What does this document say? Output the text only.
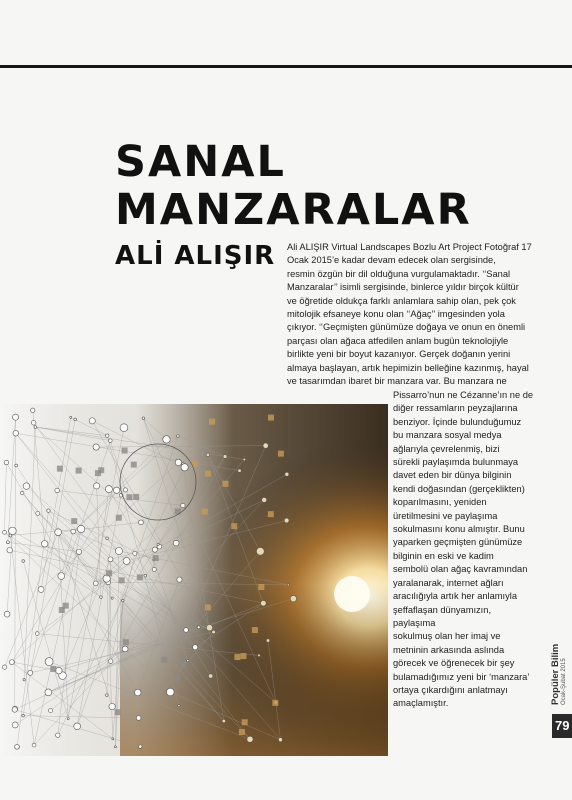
SANAL
MANZARALAR
ALİ ALIŞIR Ali ALIŞIR Virtual Landscapes Bozlu Art Project Fotoğraf 17
Ocak 2015’e kadar devam edecek olan sergisinde,
resmin özgün bir dil olduğuna vurgulamaktadır. ‘‘Sanal
Manzaralar’’ isimli sergisinde, binlerce yıldır birçok kültür
ve öğretide oldukça farklı anlamlara sahip olan, pek çok
mitolojik efsaneye konu olan ‘‘Ağaç’’ imgesinden yola
çıkıyor. ‘‘Geçmişten günümüze doğaya ve onun en önemli
parçası olan ağaca atfedilen anlam bugün teknolojiyle
birlikte yeni bir boyut kazanıyor. Gerçek doğanın yerini
almaya başlayan, artık hepimizin belleğine kazınmış, hayal
ve tasarımdan ibaret bir manzara var. Bu manzara ne
Pissarro’nun ne Cézanne’ın ne de
diğer ressamların peyzajlarına
benziyor. İçinde bulunduğumuz
bu manzara sosyal medya
ağlarıyla çevrelenmiş, bizi
sürekli paylaşımda bulunmaya
davet eden bir dünya bilginin
kendi doğasından (gerçeklikten)
koparılmasını, yeniden
üretilmesini ve paylaşıma
sokulmasını konu almıştır. Bunu
yaparken geçmişten günümüze
bilginin en eski ve kadim
sembolü olan ağaç kavramından
yaralanarak, internet ağları
aracılığıyla artık her anlamıyla
şeffaflaşan dünyamızın, paylaşıma
sokulmuş olan her imaj ve
metninin arkasında aslında
görecek ve öğrenecek bir şey
bulamadığımız yeni bir ‘manzara’
ortaya çıkardığını anlatmayı
amaçlamıştır.	Popüler Bilim Ocak-Şubat 2015
79
